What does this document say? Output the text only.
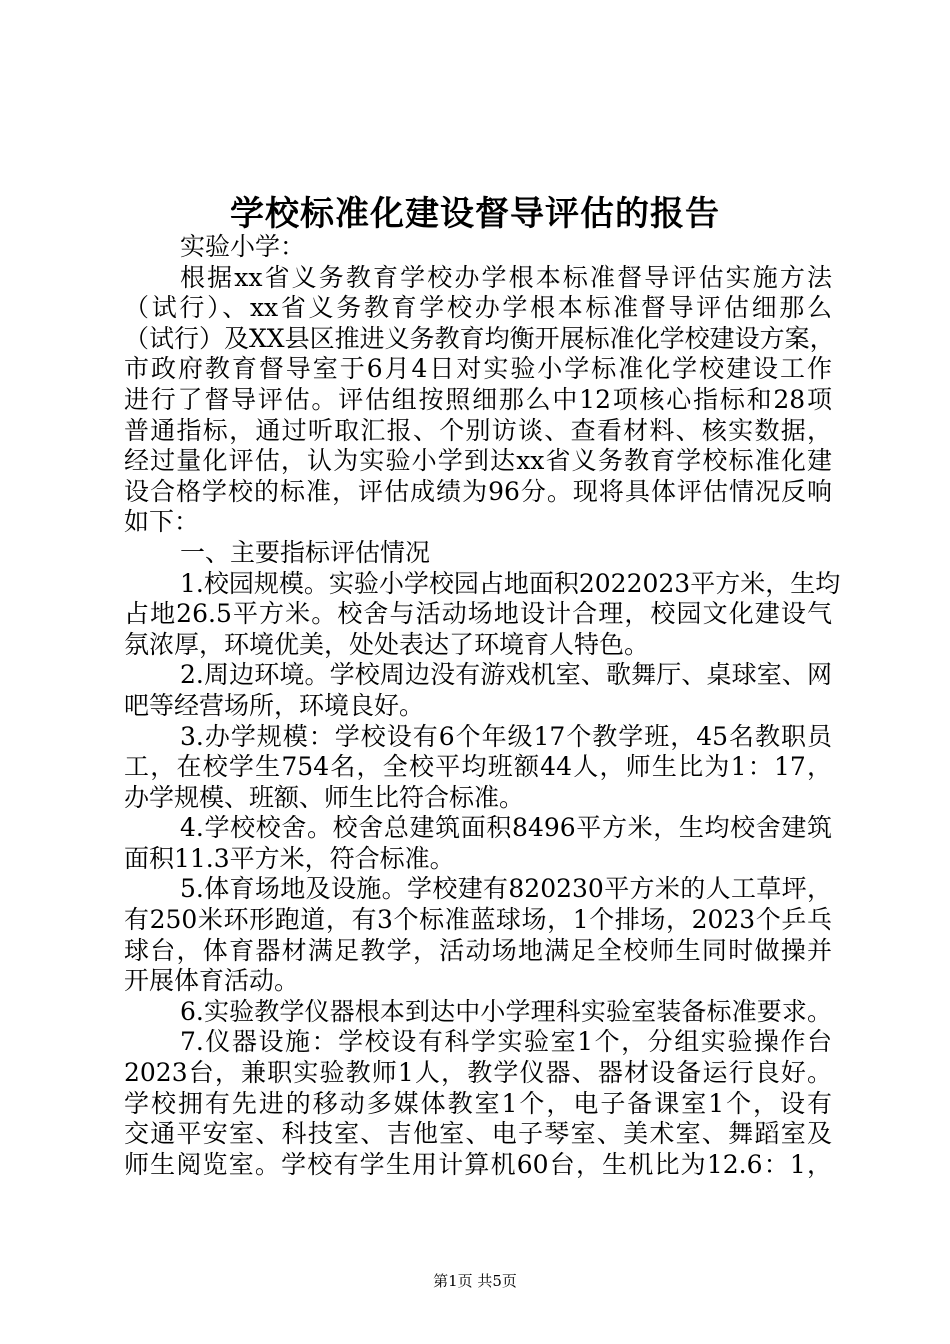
学校标准化建设督导评估的报告
实验小学：
根据xx省义务教育学校办学根本标准督导评估实施方法
（试行）、xx省义务教育学校办学根本标准督导评估细那么
（试行）及XX县区推进义务教育均衡开展标准化学校建设方案，
市政府教育督导室于6月4日对实验小学标准化学校建设工作
进行了督导评估。评估组按照细那么中12项核心指标和28项
普通指标，通过听取汇报、个别访谈、查看材料、核实数据，
经过量化评估，认为实验小学到达xx省义务教育学校标准化建
设合格学校的标准，评估成绩为96分。现将具体评估情况反响
如下：
一、主要指标评估情况
1.校园规模。实验小学校园占地面积2022023平方米，生均
占地26.5平方米。校舍与活动场地设计合理，校园文化建设气
氛浓厚，环境优美，处处表达了环境育人特色。
2.周边环境。学校周边没有游戏机室、歌舞厅、桌球室、网
吧等经营场所，环境良好。
3.办学规模：学校设有6个年级17个教学班，45名教职员
工，在校学生754名，全校平均班额44人，师生比为1：17，
办学规模、班额、师生比符合标准。
4.学校校舍。校舍总建筑面积8496平方米，生均校舍建筑
面积11.3平方米，符合标准。
5.体育场地及设施。学校建有820230平方米的人工草坪，
有250米环形跑道，有3个标准蓝球场，1个排场，2023个乒乓
球台，体育器材满足教学，活动场地满足全校师生同时做操并
开展体育活动。
6.实验教学仪器根本到达中小学理科实验室装备标准要求。
7.仪器设施：学校设有科学实验室1个，分组实验操作台
2023台，兼职实验教师1人，教学仪器、器材设备运行良好。
学校拥有先进的移动多媒体教室1个，电子备课室1个，设有
交通平安室、科技室、吉他室、电子琴室、美术室、舞蹈室及
师生阅览室。学校有学生用计算机60台，生机比为12.6：1，
第1页 共5页
